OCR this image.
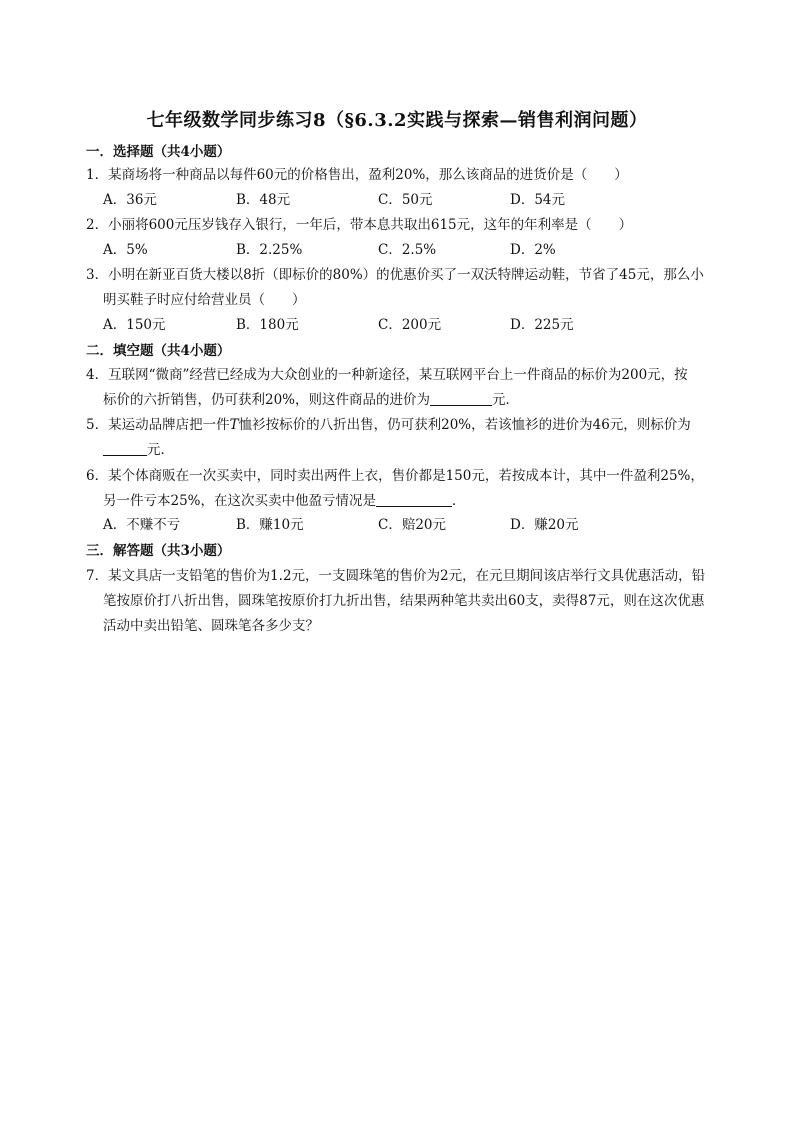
七年级数学同步练习8（§6.3.2实践与探索—销售利润问题）
一．选择题（共4小题）
1．某商场将一种商品以每件60元的价格售出，盈利20%，那么该商品的进货价是（　　）
A．36元	B．48元	C．50元	D．54元
2．小丽将600元压岁钱存入银行，一年后，带本息共取出615元，这年的年利率是（　　）
A．5%	B．2.25%	C．2.5%	D．2%
3．小明在新亚百货大楼以8折（即标价的80%）的优惠价买了一双沃特牌运动鞋，节省了45元，那么小
明买鞋子时应付给营业员（　　）
A．150元	B．180元	C．200元	D．225元
二．填空题（共4小题）
4．互联网“微商”经营已经成为大众创业的一种新途径，某互联网平台上一件商品的标价为200元，按
标价的六折销售，仍可获利20%，则这件商品的进价为	元．
5．某运动品牌店把一件T恤衫按标价的八折出售，仍可获利20%，若该恤衫的进价为46元，则标价为
元．
6．某个体商贩在一次买卖中，同时卖出两件上衣，售价都是150元，若按成本计，其中一件盈利25%，
另一件亏本25%，在这次买卖中他盈亏情况是	．
A．不赚不亏	B．赚10元	C．赔20元	D．赚20元
三．解答题（共3小题）
7．某文具店一支铅笔的售价为1.2元，一支圆珠笔的售价为2元，在元旦期间该店举行文具优惠活动，铅
笔按原价打八折出售，圆珠笔按原价打九折出售，结果两种笔共卖出60支，卖得87元，则在这次优惠
活动中卖出铅笔、圆珠笔各多少支？
